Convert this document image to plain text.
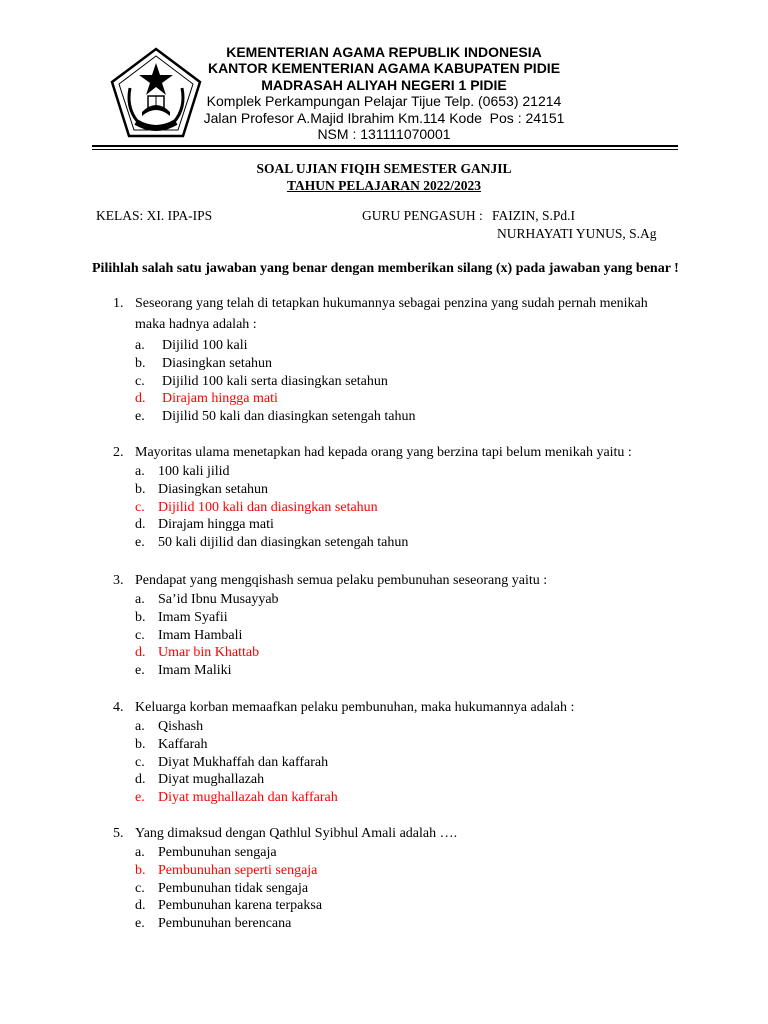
KEMENTERIAN AGAMA REPUBLIK INDONESIA
KANTOR KEMENTERIAN AGAMA KABUPATEN PIDIE
MADRASAH ALIYAH NEGERI 1 PIDIE
Komplek Perkampungan Pelajar Tijue Telp. (0653) 21214
Jalan Profesor A.Majid Ibrahim Km.114 Kode  Pos : 24151
NSM : 131111070001
SOAL UJIAN FIQIH SEMESTER GANJIL
TAHUN PELAJARAN 2022/2023
KELAS: XI. IPA-IPS	GURU PENGASUH : FAIZIN, S.Pd.I
NURHAYATI YUNUS, S.Ag
Pilihlah salah satu jawaban yang benar dengan memberikan silang (x) pada jawaban yang benar !
1. Seseorang yang telah di tetapkan hukumannya sebagai penzina yang sudah pernah menikah maka hadnya adalah :
a. Dijilid 100 kali
b. Diasingkan setahun
c. Dijilid 100 kali serta diasingkan setahun
d. Dirajam hingga mati
e. Dijilid 50 kali dan diasingkan setengah tahun
2. Mayoritas ulama menetapkan had kepada orang yang berzina tapi belum menikah yaitu :
a. 100 kali jilid
b. Diasingkan setahun
c. Dijilid 100 kali dan diasingkan setahun
d. Dirajam hingga mati
e. 50 kali dijilid dan diasingkan setengah tahun
3. Pendapat yang mengqishash semua pelaku pembunuhan seseorang yaitu :
a. Sa’id Ibnu Musayyab
b. Imam Syafii
c. Imam Hambali
d. Umar bin Khattab
e. Imam Maliki
4. Keluarga korban memaafkan pelaku pembunuhan, maka hukumannya adalah :
a. Qishash
b. Kaffarah
c. Diyat Mukhaffah dan kaffarah
d. Diyat mughallazah
e. Diyat mughallazah dan kaffarah
5. Yang dimaksud dengan Qathlul Syibhul Amali adalah ….
a. Pembunuhan sengaja
b. Pembunuhan seperti sengaja
c. Pembunuhan tidak sengaja
d. Pembunuhan karena terpaksa
e. Pembunuhan berencana
